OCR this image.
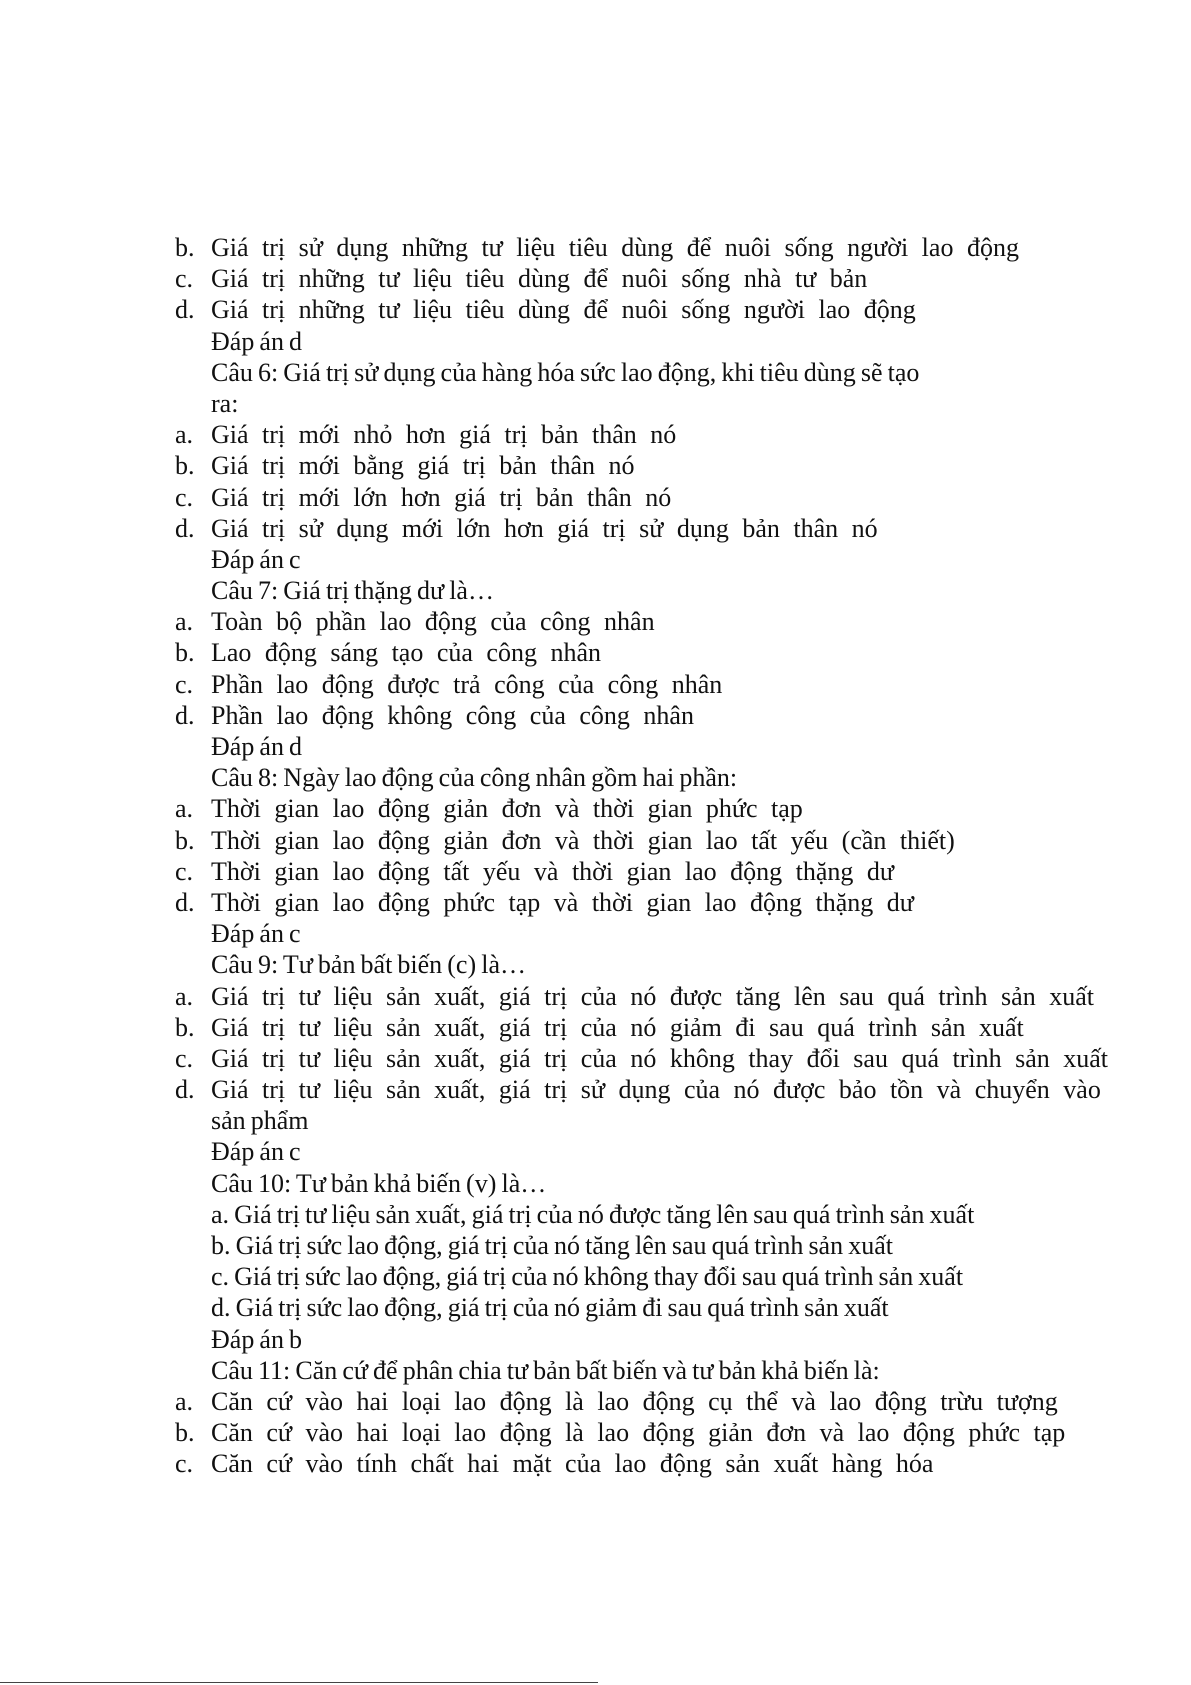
b. Giá trị sử dụng những tư liệu tiêu dùng để nuôi sống người lao động
c. Giá trị những tư liệu tiêu dùng để nuôi sống nhà tư bản
d. Giá trị những tư liệu tiêu dùng để nuôi sống người lao động
Đáp án d
Câu 6: Giá trị sử dụng của hàng hóa sức lao động, khi tiêu dùng sẽ tạo
ra:
a. Giá trị mới nhỏ hơn giá trị bản thân nó
b. Giá trị mới bằng giá trị bản thân nó
c. Giá trị mới lớn hơn giá trị bản thân nó
d. Giá trị sử dụng mới lớn hơn giá trị sử dụng bản thân nó
Đáp án c
Câu 7: Giá trị thặng dư là…
a. Toàn bộ phần lao động của công nhân
b. Lao động sáng tạo của công nhân
c. Phần lao động được trả công của công nhân
d. Phần lao động không công của công nhân
Đáp án d
Câu 8: Ngày lao động của công nhân gồm hai phần:
a. Thời gian lao động giản đơn và thời gian phức tạp
b. Thời gian lao động giản đơn và thời gian lao tất yếu (cần thiết)
c. Thời gian lao động tất yếu và thời gian lao động thặng dư
d. Thời gian lao động phức tạp và thời gian lao động thặng dư
Đáp án c
Câu 9: Tư bản bất biến (c) là…
a. Giá trị tư liệu sản xuất, giá trị của nó được tăng lên sau quá trình sản xuất
b. Giá trị tư liệu sản xuất, giá trị của nó giảm đi sau quá trình sản xuất
c. Giá trị tư liệu sản xuất, giá trị của nó không thay đổi sau quá trình sản xuất
d. Giá trị tư liệu sản xuất, giá trị sử dụng của nó được bảo tồn và chuyển vào
sản phẩm
Đáp án c
Câu 10: Tư bản khả biến (v) là…
a. Giá trị tư liệu sản xuất, giá trị của nó được tăng lên sau quá trình sản xuất
b. Giá trị sức lao động, giá trị của nó tăng lên sau quá trình sản xuất
c. Giá trị sức lao động, giá trị của nó không thay đổi sau quá trình sản xuất
d. Giá trị sức lao động, giá trị của nó giảm đi sau quá trình sản xuất
Đáp án b
Câu 11: Căn cứ để phân chia tư bản bất biến và tư bản khả biến là:
a. Căn cứ vào hai loại lao động là lao động cụ thể và lao động trừu tượng
b. Căn cứ vào hai loại lao động là lao động giản đơn và lao động phức tạp
c. Căn cứ vào tính chất hai mặt của lao động sản xuất hàng hóa
